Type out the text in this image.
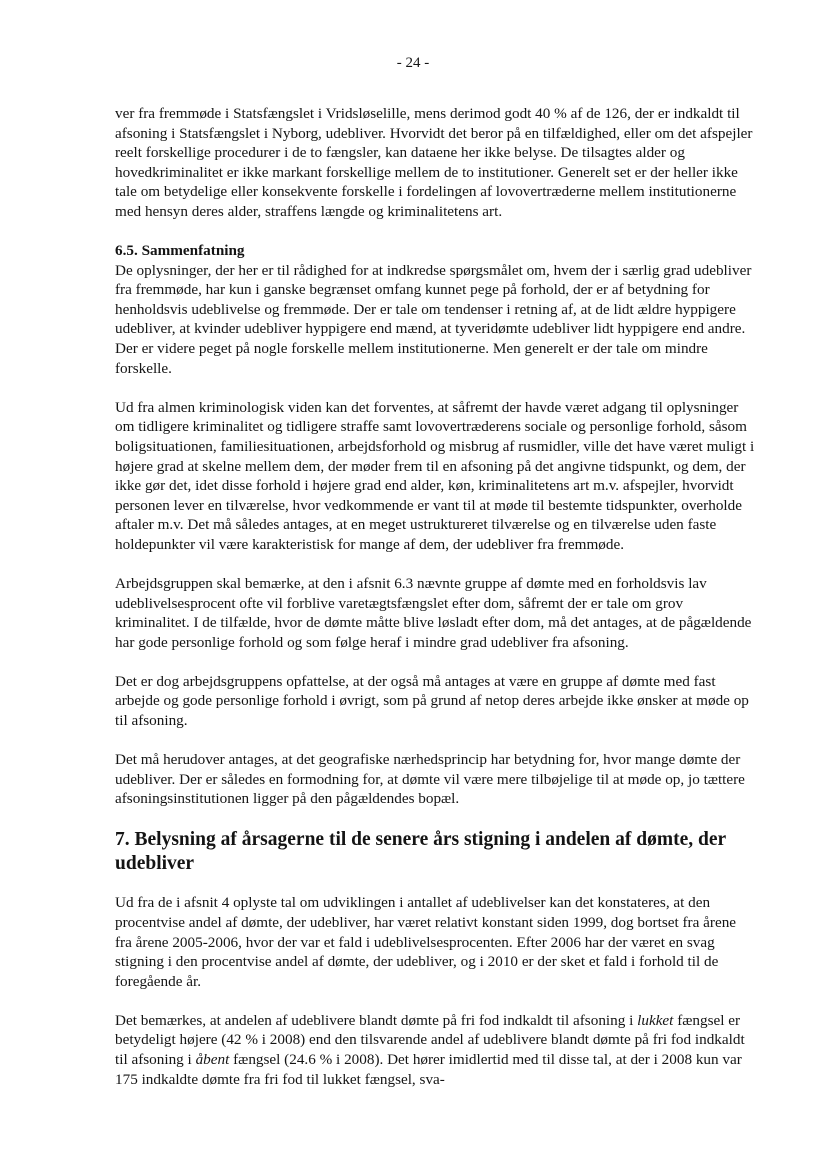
- 24 -

ver fra fremmøde i Statsfængslet i Vridsløselille, mens derimod godt 40 % af de 126, der er indkaldt til afsoning i Statsfængslet i Nyborg, udebliver. Hvorvidt det beror på en tilfældighed, eller om det afspejler reelt forskellige procedurer i de to fængsler, kan dataene her ikke belyse. De tilsagtes alder og hovedkriminalitet er ikke markant forskellige mellem de to institutioner. Generelt set er der heller ikke tale om betydelige eller konsekvente forskelle i fordelingen af lovovertræderne mellem institutionerne med hensyn deres alder, straffens længde og kriminalitetens art.

6.5. Sammenfatning

De oplysninger, der her er til rådighed for at indkredse spørgsmålet om, hvem der i særlig grad udebliver fra fremmøde, har kun i ganske begrænset omfang kunnet pege på forhold, der er af betydning for henholdsvis udeblivelse og fremmøde. Der er tale om tendenser i retning af, at de lidt ældre hyppigere udebliver, at kvinder udebliver hyppigere end mænd, at tyveridømte udebliver lidt hyppigere end andre. Der er videre peget på nogle forskelle mellem institutionerne. Men generelt er der tale om mindre forskelle.

Ud fra almen kriminologisk viden kan det forventes, at såfremt der havde været adgang til oplysninger om tidligere kriminalitet og tidligere straffe samt lovovertræderens sociale og personlige forhold, såsom boligsituationen, familiesituationen, arbejdsforhold og misbrug af rusmidler, ville det have været muligt i højere grad at skelne mellem dem, der møder frem til en afsoning på det angivne tidspunkt, og dem, der ikke gør det, idet disse forhold i højere grad end alder, køn, kriminalitetens art m.v. afspejler, hvorvidt personen lever en tilværelse, hvor vedkommende er vant til at møde til bestemte tidspunkter, overholde aftaler m.v. Det må således antages, at en meget ustruktureret tilværelse og en tilværelse uden faste holdepunkter vil være karakteristisk for mange af dem, der udebliver fra fremmøde.

Arbejdsgruppen skal bemærke, at den i afsnit 6.3 nævnte gruppe af dømte med en forholdsvis lav udeblivelsesprocent ofte vil forblive varetægtsfængslet efter dom, såfremt der er tale om grov kriminalitet. I de tilfælde, hvor de dømte måtte blive løsladt efter dom, må det antages, at de pågældende har gode personlige forhold og som følge heraf i mindre grad udebliver fra afsoning.

Det er dog arbejdsgruppens opfattelse, at der også må antages at være en gruppe af dømte med fast arbejde og gode personlige forhold i øvrigt, som på grund af netop deres arbejde ikke ønsker at møde op til afsoning.

Det må herudover antages, at det geografiske nærhedsprincip har betydning for, hvor mange dømte der udebliver. Der er således en formodning for, at dømte vil være mere tilbøjelige til at møde op, jo tættere afsoningsinstitutionen ligger på den pågældendes bopæl.

7. Belysning af årsagerne til de senere års stigning i andelen af dømte, der udebliver

Ud fra de i afsnit 4 oplyste tal om udviklingen i antallet af udeblivelser kan det konstateres, at den procentvise andel af dømte, der udebliver, har været relativt konstant siden 1999, dog bortset fra årene fra årene 2005-2006, hvor der var et fald i udeblivelsesprocenten. Efter 2006 har der været en svag stigning i den procentvise andel af dømte, der udebliver, og i 2010 er der sket et fald i forhold til de foregående år.

Det bemærkes, at andelen af udeblivere blandt dømte på fri fod indkaldt til afsoning i lukket fængsel er betydeligt højere (42 % i 2008) end den tilsvarende andel af udeblivere blandt dømte på fri fod indkaldt til afsoning i åbent fængsel (24.6 % i 2008). Det hører imidlertid med til disse tal, at der i 2008 kun var 175 indkaldte dømte fra fri fod til lukket fængsel, sva-
